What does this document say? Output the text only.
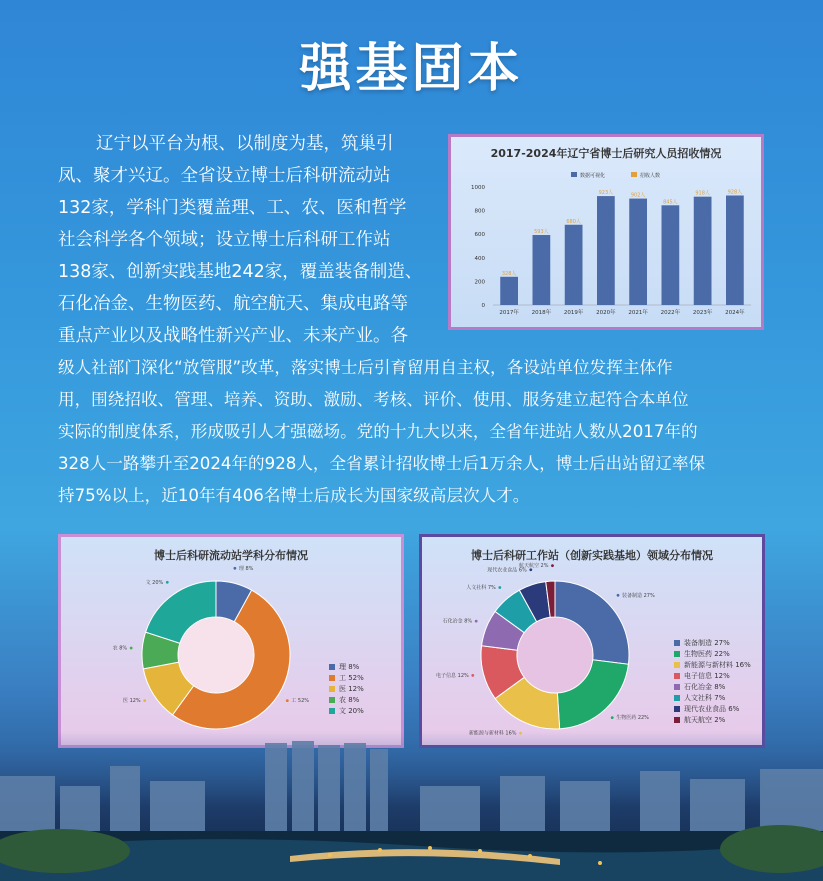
强基固本
辽宁以平台为根、以制度为基，筑巢引
凤、聚才兴辽。全省设立博士后科研流动站
132家，学科门类覆盖理、工、农、医和哲学
社会科学各个领域；设立博士后科研工作站
138家、创新实践基地242家，覆盖装备制造、
石化冶金、生物医药、航空航天、集成电路等
重点产业以及战略性新兴产业、未来产业。各
级人社部门深化“放管服”改革，落实博士后引育留用自主权，各设站单位发挥主体作
用，围绕招收、管理、培养、资助、激励、考核、评价、使用、服务建立起符合本单位
实际的制度体系，形成吸引人才强磁场。党的十九大以来，全省年进站人数从2017年的
328人一路攀升至2024年的928人，全省累计招收博士后1万余人，博士后出站留辽率保
持75%以上，近10年有406名博士后成长为国家级高层次人才。
2017-2024年辽宁省博士后研究人员招收情况
数据可视化	招收人数
0
200
400
600
800
1000
328人
2017年
593人
2018年
680人
2019年
923人
2020年
902人
2021年
845人
2022年
918人
2023年
928人
2024年
博士后科研流动站学科分布情况
理 8%
工 52%
医 12%
农 8%
文 20%
理 8%
工 52%
医 12%
农 8%
文 20%
博士后科研工作站（创新实践基地）领域分布情况
装备制造 27%
生物医药 22%
电子信息 12%
石化冶金 8%
人文社科 7%
现代农业食品 6%
航天航空 2%
装备制造 27%
生物医药 22%
新能源与新材料 16%
电子信息 12%
石化冶金 8%
人文社科 7%
现代农业食品 6%
航天航空 2%
